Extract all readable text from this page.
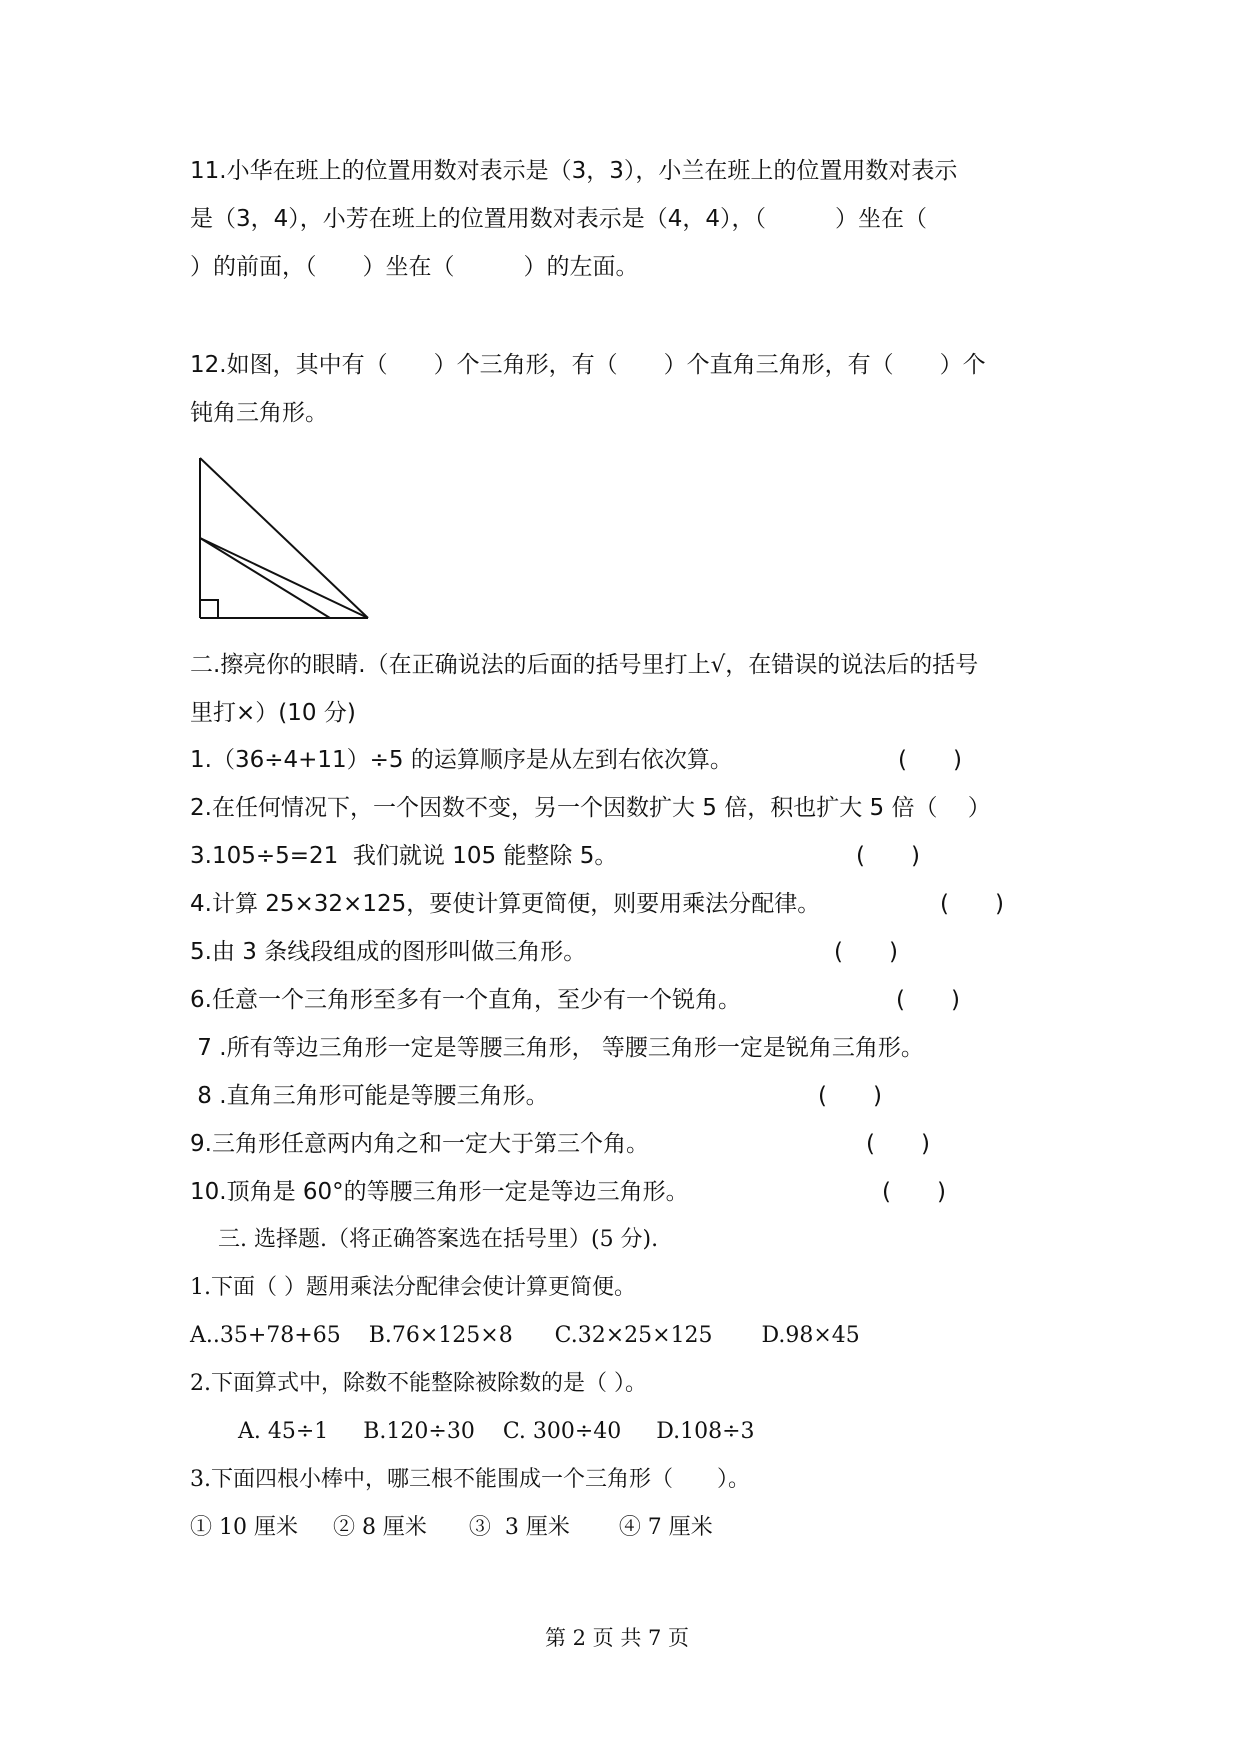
11.小华在班上的位置用数对表示是（3，3），小兰在班上的位置用数对表示
是（3，4），小芳在班上的位置用数对表示是（4，4），（　　　）坐在（
）的前面，（　　）坐在（　　　）的左面。
12.如图，其中有（　　）个三角形，有（　　）个直角三角形，有（　　）个
钝角三角形。
二.擦亮你的眼睛.（在正确说法的后面的括号里打上√，在错误的说法后的括号
里打×）(10 分)
1.（36÷4+11）÷5 的运算顺序是从左到右依次算。	(　　)
2.在任何情况下，一个因数不变，另一个因数扩大 5 倍，积也扩大 5 倍（　 ）
3.105÷5=21  我们就说 105 能整除 5。	(　　)
4.计算 25×32×125，要使计算更简便，则要用乘法分配律。	(　　)
5.由 3 条线段组成的图形叫做三角形。	(　　)
6.任意一个三角形至多有一个直角，至少有一个锐角。	(　　)
7 .所有等边三角形一定是等腰三角形， 等腰三角形一定是锐角三角形。
8 .直角三角形可能是等腰三角形。	(　　)
9.三角形任意两内角之和一定大于第三个角。	(　　)
10.顶角是 60°的等腰三角形一定是等边三角形。	(　　)
三. 选择题.（将正确答案选在括号里）(5 分).
1.下面（ ）题用乘法分配律会使计算更简便。
A..35+78+65    B.76×125×8      C.32×25×125       D.98×45
2.下面算式中，除数不能整除被除数的是（ ）。
A. 45÷1     B.120÷30    C. 300÷40     D.108÷3
3.下面四根小棒中，哪三根不能围成一个三角形（　　）。
① 10 厘米     ② 8 厘米      ③  3 厘米       ④ 7 厘米
第 2 页 共 7 页
